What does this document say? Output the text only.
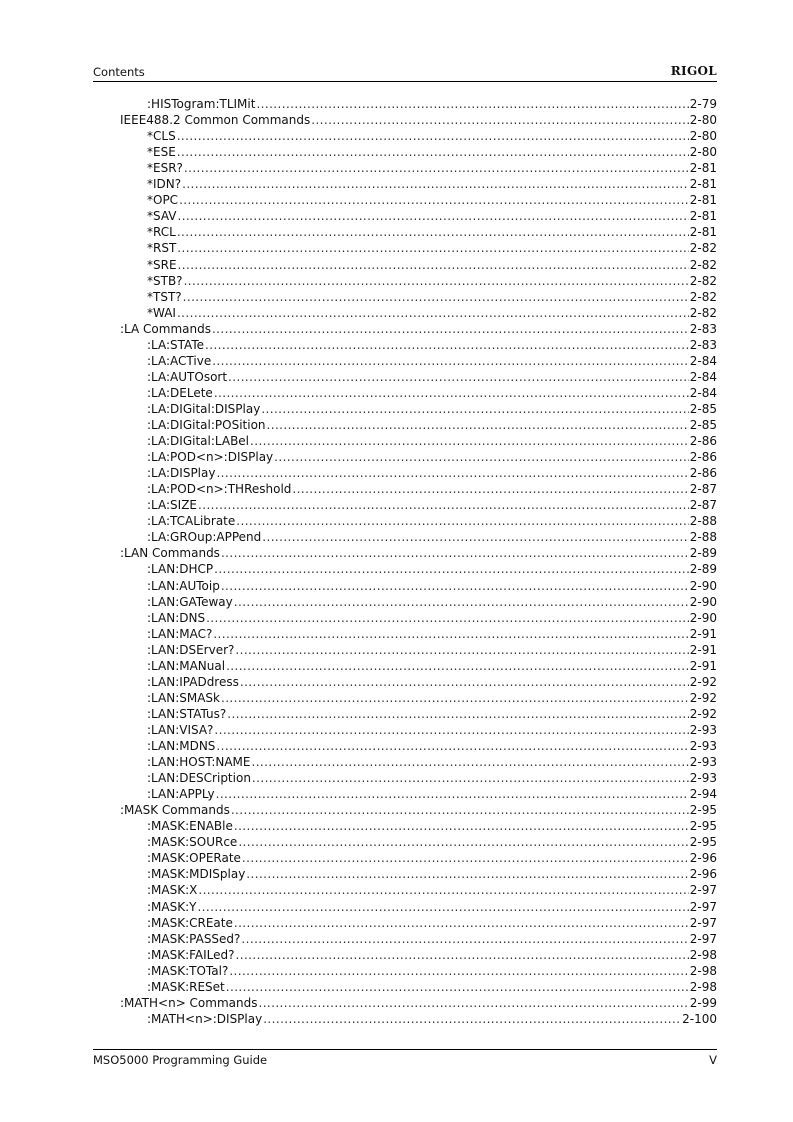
Contents	RIGOL
:HISTogram:TLIMit .....	2-79
IEEE488.2 Common Commands .....	2-80
*CLS .....	2-80
*ESE .....	2-80
*ESR? .....	2-81
*IDN? .....	2-81
*OPC .....	2-81
*SAV .....	2-81
*RCL .....	2-81
*RST .....	2-82
*SRE .....	2-82
*STB? .....	2-82
*TST? .....	2-82
*WAI .....	2-82
:LA Commands .....	2-83
:LA:STATe .....	2-83
:LA:ACTive .....	2-84
:LA:AUTOsort .....	2-84
:LA:DELete .....	2-84
:LA:DIGital:DISPlay .....	2-85
:LA:DIGital:POSition .....	2-85
:LA:DIGital:LABel .....	2-86
:LA:POD<n>:DISPlay .....	2-86
:LA:DISPlay .....	2-86
:LA:POD<n>:THReshold .....	2-87
:LA:SIZE .....	2-87
:LA:TCALibrate .....	2-88
:LA:GROup:APPend .....	2-88
:LAN Commands .....	2-89
:LAN:DHCP .....	2-89
:LAN:AUToip .....	2-90
:LAN:GATeway .....	2-90
:LAN:DNS .....	2-90
:LAN:MAC? .....	2-91
:LAN:DSErver? .....	2-91
:LAN:MANual .....	2-91
:LAN:IPADdress .....	2-92
:LAN:SMASk .....	2-92
:LAN:STATus? .....	2-92
:LAN:VISA? .....	2-93
:LAN:MDNS .....	2-93
:LAN:HOST:NAME .....	2-93
:LAN:DESCription .....	2-93
:LAN:APPLy .....	2-94
:MASK Commands .....	2-95
:MASK:ENABle .....	2-95
:MASK:SOURce .....	2-95
:MASK:OPERate .....	2-96
:MASK:MDISplay .....	2-96
:MASK:X .....	2-97
:MASK:Y .....	2-97
:MASK:CREate .....	2-97
:MASK:PASSed? .....	2-97
:MASK:FAILed? .....	2-98
:MASK:TOTal? .....	2-98
:MASK:RESet .....	2-98
:MATH<n> Commands .....	2-99
:MATH<n>:DISPlay .....	2-100
MSO5000 Programming Guide	V
